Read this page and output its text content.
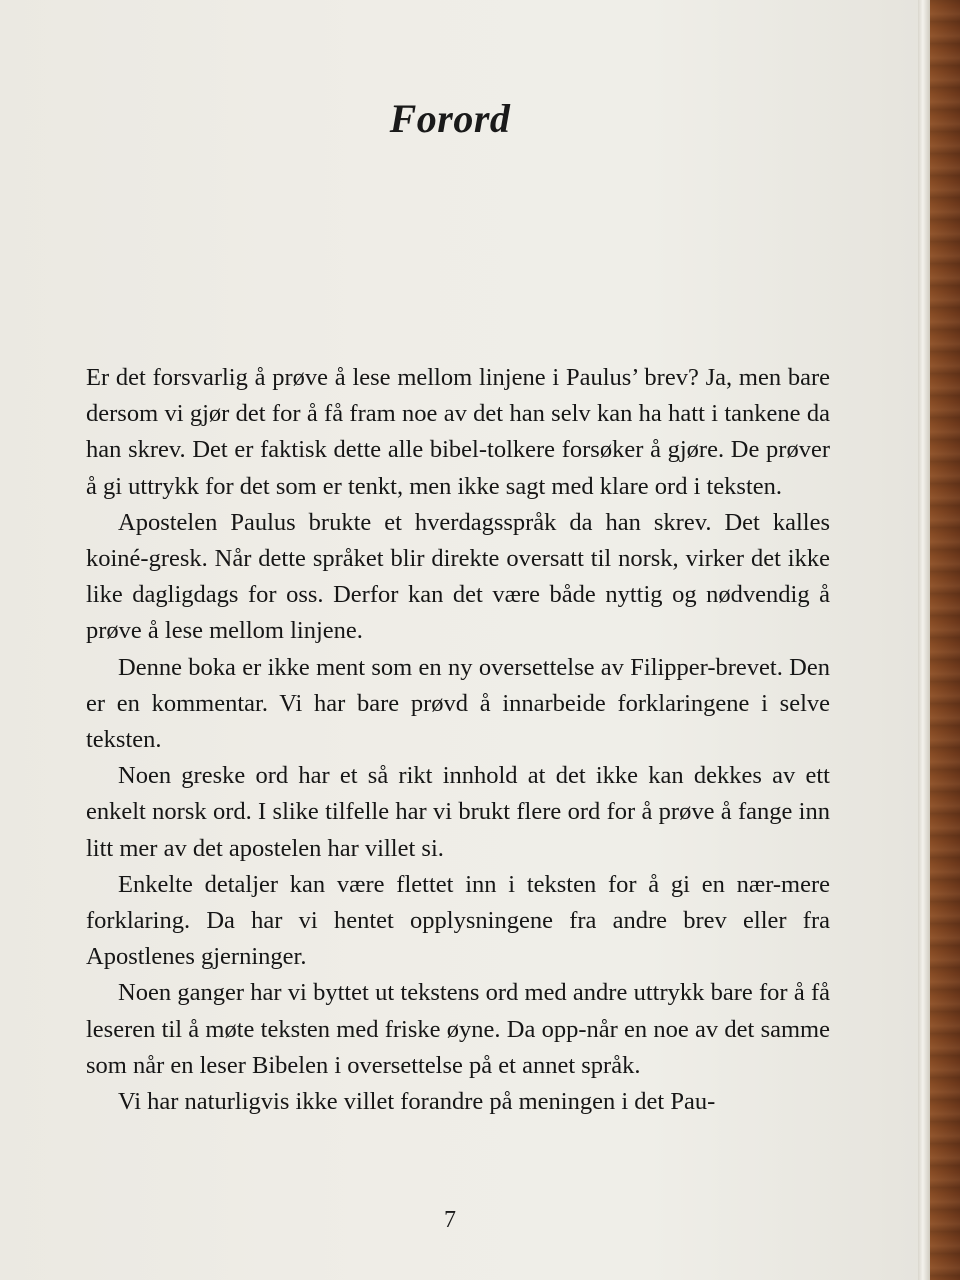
Forord

Er det forsvarlig å prøve å lese mellom linjene i Paulus’ brev? Ja, men bare dersom vi gjør det for å få fram noe av det han selv kan ha hatt i tankene da han skrev. Det er faktisk dette alle bibel-tolkere forsøker å gjøre. De prøver å gi uttrykk for det som er tenkt, men ikke sagt med klare ord i teksten.

Apostelen Paulus brukte et hverdagsspråk da han skrev. Det kalles koiné-gresk. Når dette språket blir direkte oversatt til norsk, virker det ikke like dagligdags for oss. Derfor kan det være både nyttig og nødvendig å prøve å lese mellom linjene.

Denne boka er ikke ment som en ny oversettelse av Filipper-brevet. Den er en kommentar. Vi har bare prøvd å innarbeide forklaringene i selve teksten.

Noen greske ord har et så rikt innhold at det ikke kan dekkes av ett enkelt norsk ord. I slike tilfelle har vi brukt flere ord for å prøve å fange inn litt mer av det apostelen har villet si.

Enkelte detaljer kan være flettet inn i teksten for å gi en nær-mere forklaring. Da har vi hentet opplysningene fra andre brev eller fra Apostlenes gjerninger.

Noen ganger har vi byttet ut tekstens ord med andre uttrykk bare for å få leseren til å møte teksten med friske øyne. Da opp-når en noe av det samme som når en leser Bibelen i oversettelse på et annet språk.

Vi har naturligvis ikke villet forandre på meningen i det Pau-

7
